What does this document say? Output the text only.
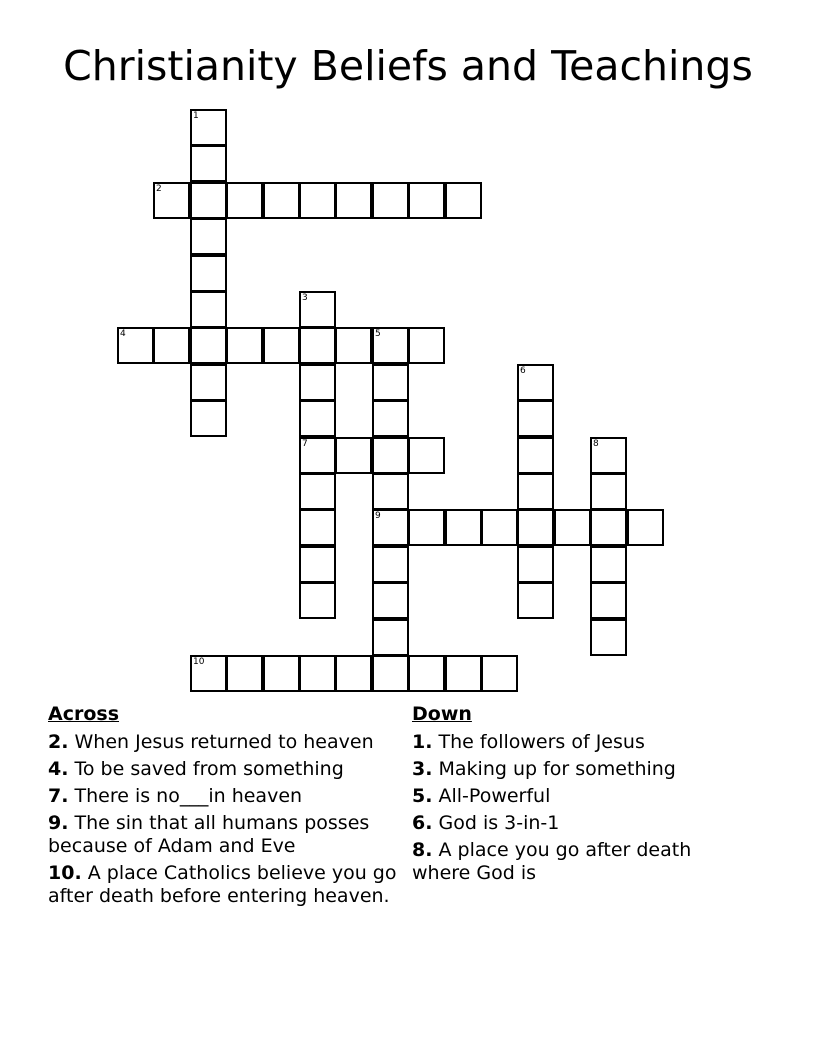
Christianity Beliefs and Teachings
1
2
3
7
4	5
9
6
8
10
Across
2. When Jesus returned to heaven
4. To be saved from something
7. There is no___in heaven
9. The sin that all humans posses because of Adam and Eve
10. A place Catholics believe you go after death before entering heaven.
Down
1. The followers of Jesus
3. Making up for something
5. All-Powerful
6. God is 3-in-1
8. A place you go after death where God is
